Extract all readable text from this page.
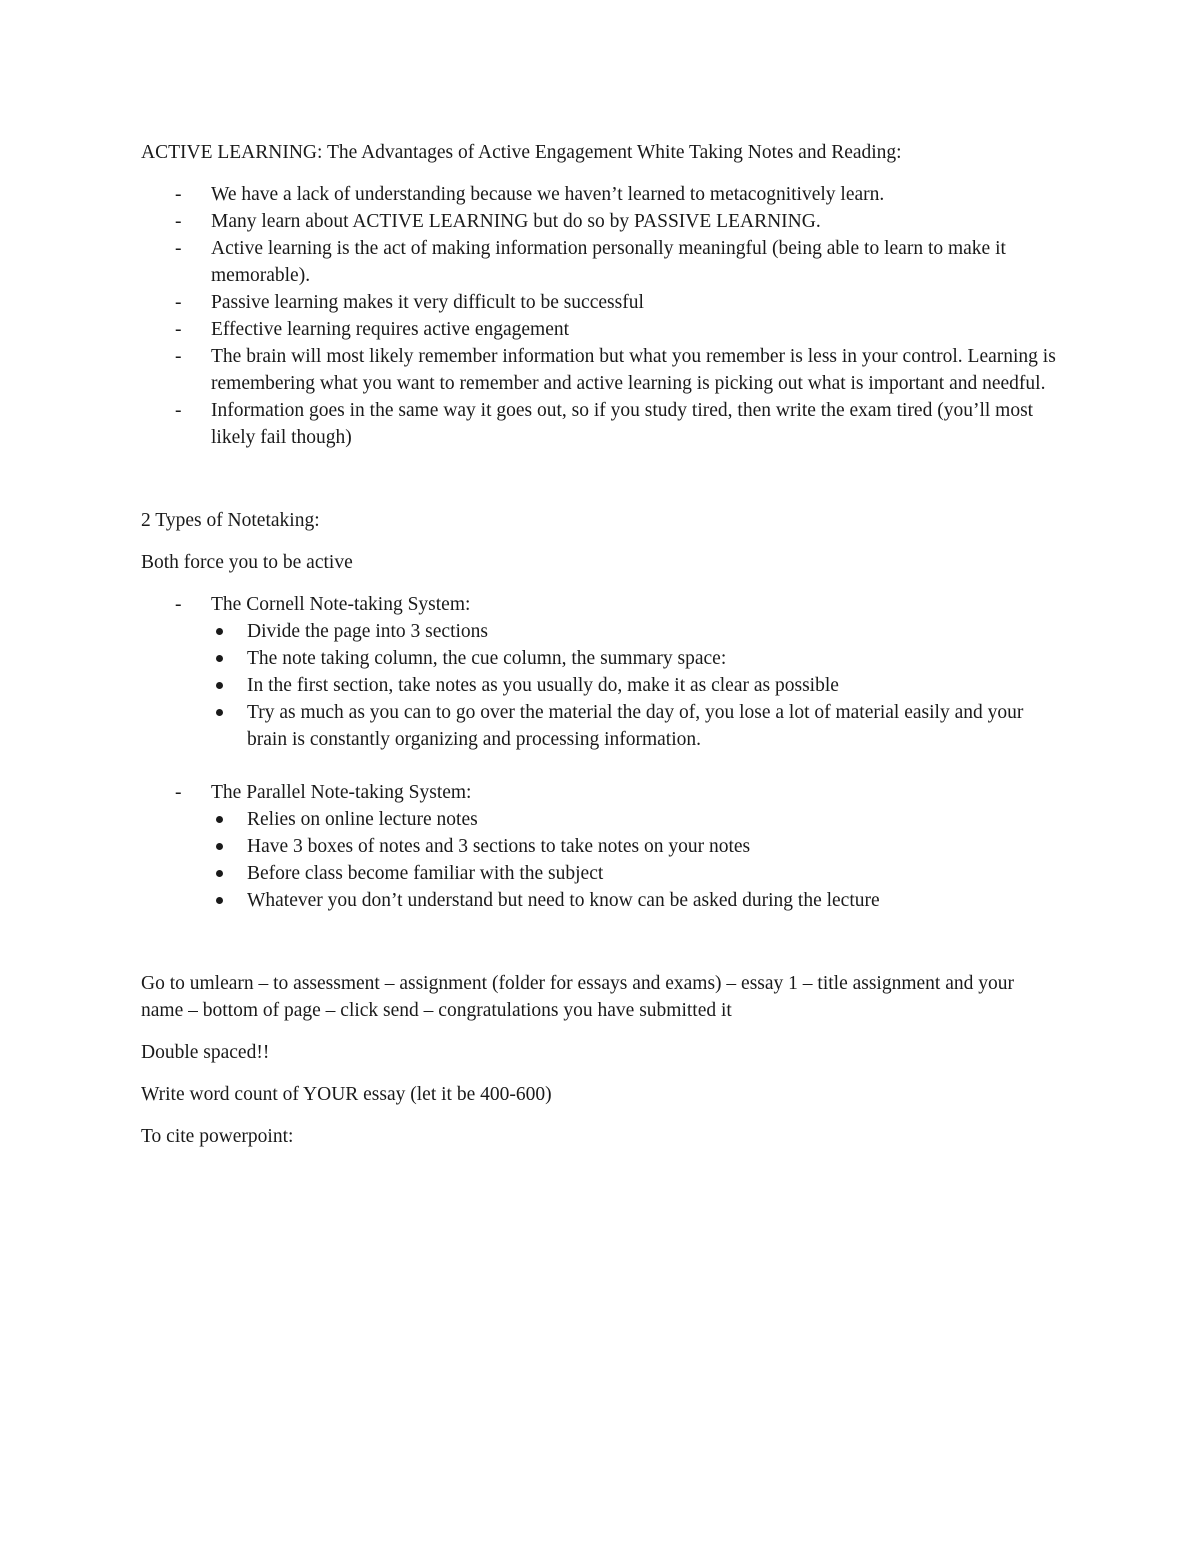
ACTIVE LEARNING: The Advantages of Active Engagement White Taking Notes and Reading:

- We have a lack of understanding because we haven’t learned to metacognitively learn.
- Many learn about ACTIVE LEARNING but do so by PASSIVE LEARNING.
- Active learning is the act of making information personally meaningful (being able to learn to make it memorable).
- Passive learning makes it very difficult to be successful
- Effective learning requires active engagement
- The brain will most likely remember information but what you remember is less in your control. Learning is remembering what you want to remember and active learning is picking out what is important and needful.
- Information goes in the same way it goes out, so if you study tired, then write the exam tired (you’ll most likely fail though)

2 Types of Notetaking:

Both force you to be active

- The Cornell Note-taking System:
Divide the page into 3 sections
The note taking column, the cue column, the summary space:
In the first section, take notes as you usually do, make it as clear as possible
Try as much as you can to go over the material the day of, you lose a lot of material easily and your brain is constantly organizing and processing information.
- The Parallel Note-taking System:
Relies on online lecture notes
Have 3 boxes of notes and 3 sections to take notes on your notes
Before class become familiar with the subject
Whatever you don’t understand but need to know can be asked during the lecture

Go to umlearn – to assessment – assignment (folder for essays and exams) – essay 1 – title assignment and your name – bottom of page – click send – congratulations you have submitted it

Double spaced!!

Write word count of YOUR essay (let it be 400-600)

To cite powerpoint:
